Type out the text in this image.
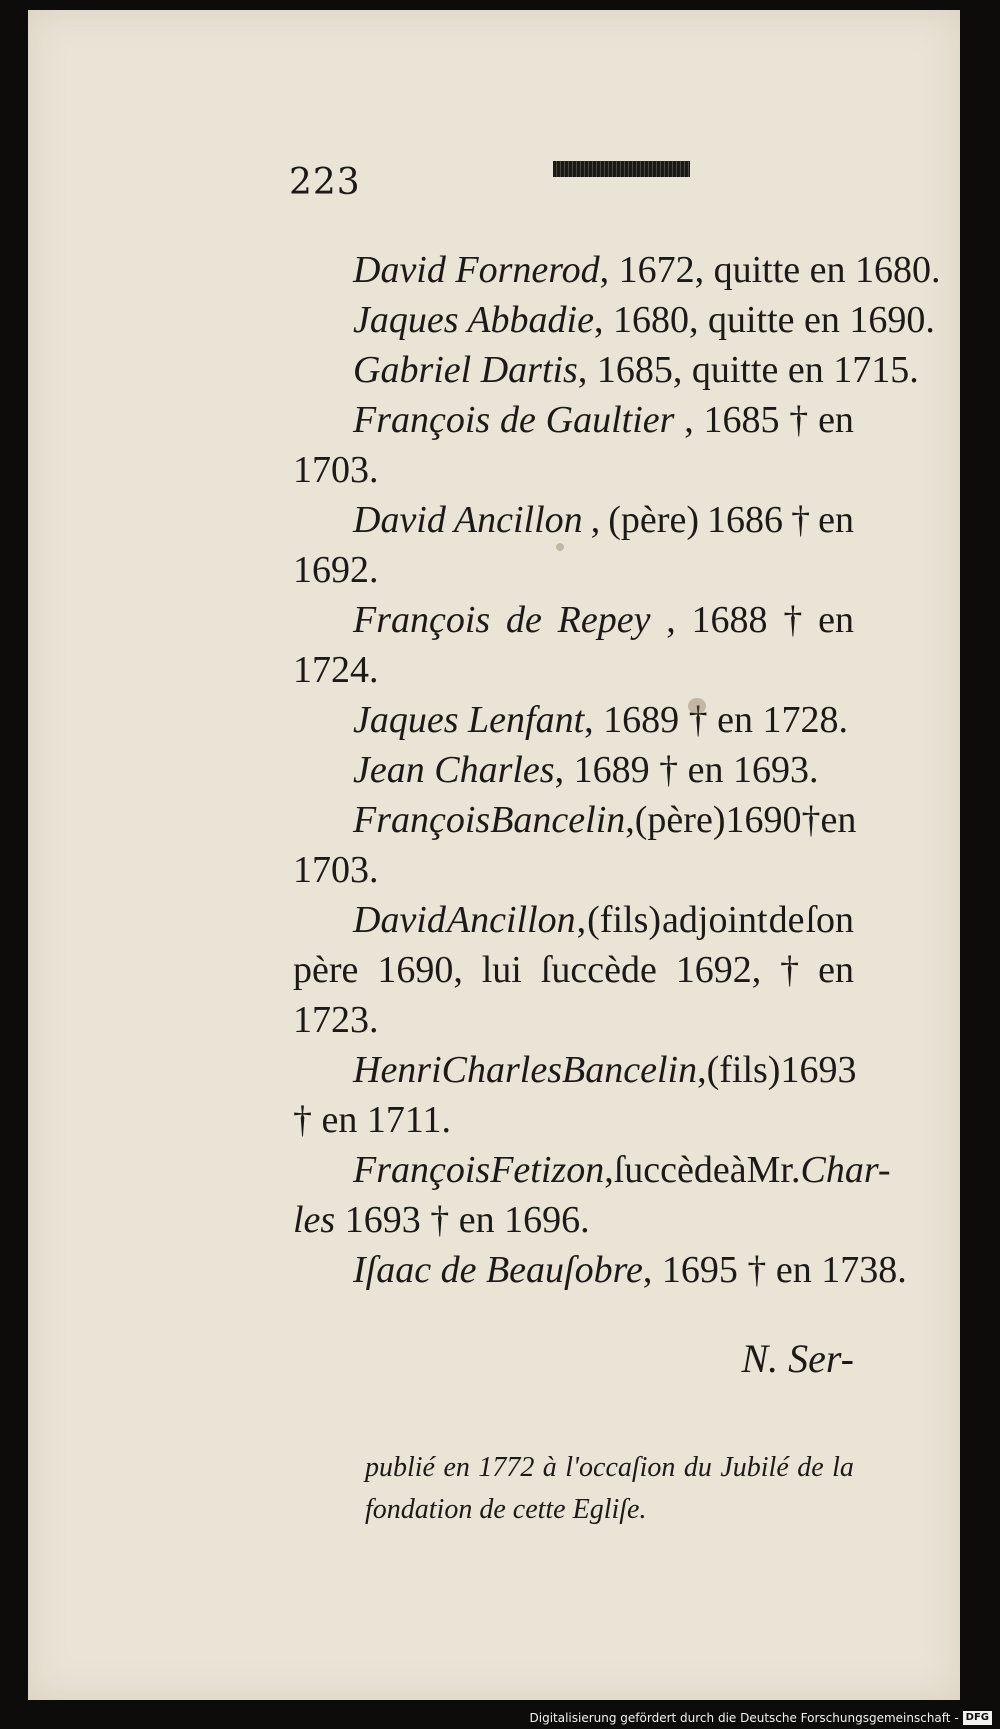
223
David Fornerod, 1672, quitte en 1680.
Jaques Abbadie, 1680, quitte en 1690.
Gabriel Dartis, 1685, quitte en 1715.
François de Gaultier , 1685 † en
1703.
David Ancillon , (père) 1686 † en
1692.
François de Repey , 1688 † en
1724.
Jaques Lenfant, 1689 † en 1728.
Jean Charles, 1689 † en 1693.
François Bancelin , (père) 1690 † en
1703.
David Ancillon , (fils) adjoint de ſon
père 1690, lui ſuccède 1692, † en
1723.
Henri Charles Bancelin , (fils) 1693
† en 1711.
François Fetizon , ſuccède à Mr. Char-
les 1693 † en 1696.
Iſaac de Beauſobre, 1695 † en 1738.
N. Ser-
publié en 1772 à l'occaſion du Jubilé de la
fondation de cette Egliſe.
Digitalisierung gefördert durch die Deutsche Forschungsgemeinschaft - DFG
